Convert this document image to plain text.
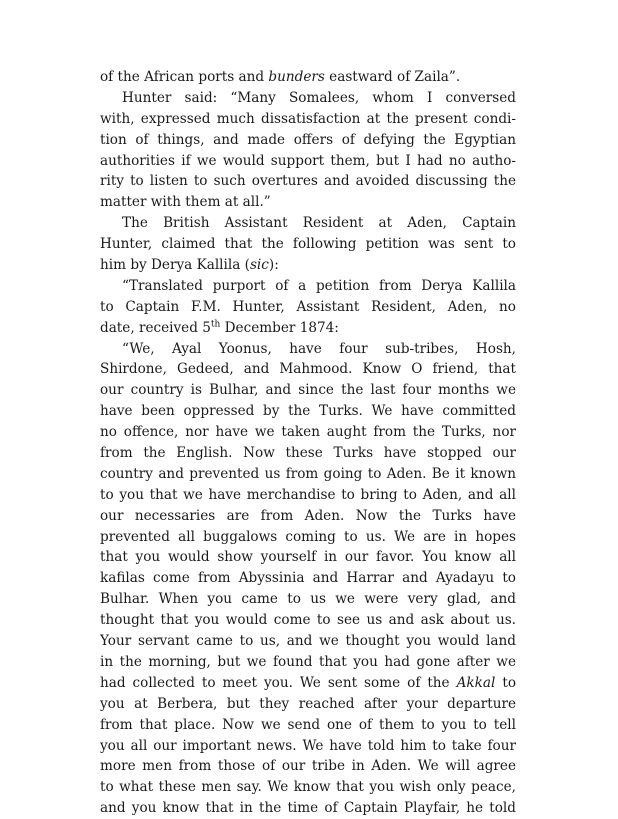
of the African ports and bunders eastward of Zaila”.
Hunter said: “Many Somalees, whom I conversed
with, expressed much dissatisfaction at the present condi-
tion of things, and made offers of defying the Egyptian
authorities if we would support them, but I had no autho-
rity to listen to such overtures and avoided discussing the
matter with them at all.”
The British Assistant Resident at Aden, Captain
Hunter, claimed that the following petition was sent to
him by Derya Kallila (sic):
“Translated purport of a petition from Derya Kallila
to Captain F.M. Hunter, Assistant Resident, Aden, no
date, received 5th December 1874:
“We, Ayal Yoonus, have four sub-tribes, Hosh,
Shirdone, Gedeed, and Mahmood. Know O friend, that
our country is Bulhar, and since the last four months we
have been oppressed by the Turks. We have committed
no offence, nor have we taken aught from the Turks, nor
from the English. Now these Turks have stopped our
country and prevented us from going to Aden. Be it known
to you that we have merchandise to bring to Aden, and all
our necessaries are from Aden. Now the Turks have
prevented all buggalows coming to us. We are in hopes
that you would show yourself in our favor. You know all
kafilas come from Abyssinia and Harrar and Ayadayu to
Bulhar. When you came to us we were very glad, and
thought that you would come to see us and ask about us.
Your servant came to us, and we thought you would land
in the morning, but we found that you had gone after we
had collected to meet you. We sent some of the Akkal to
you at Berbera, but they reached after your departure
from that place. Now we send one of them to you to tell
you all our important news. We have told him to take four
more men from those of our tribe in Aden. We will agree
to what these men say. We know that you wish only peace,
and you know that in the time of Captain Playfair, he told
